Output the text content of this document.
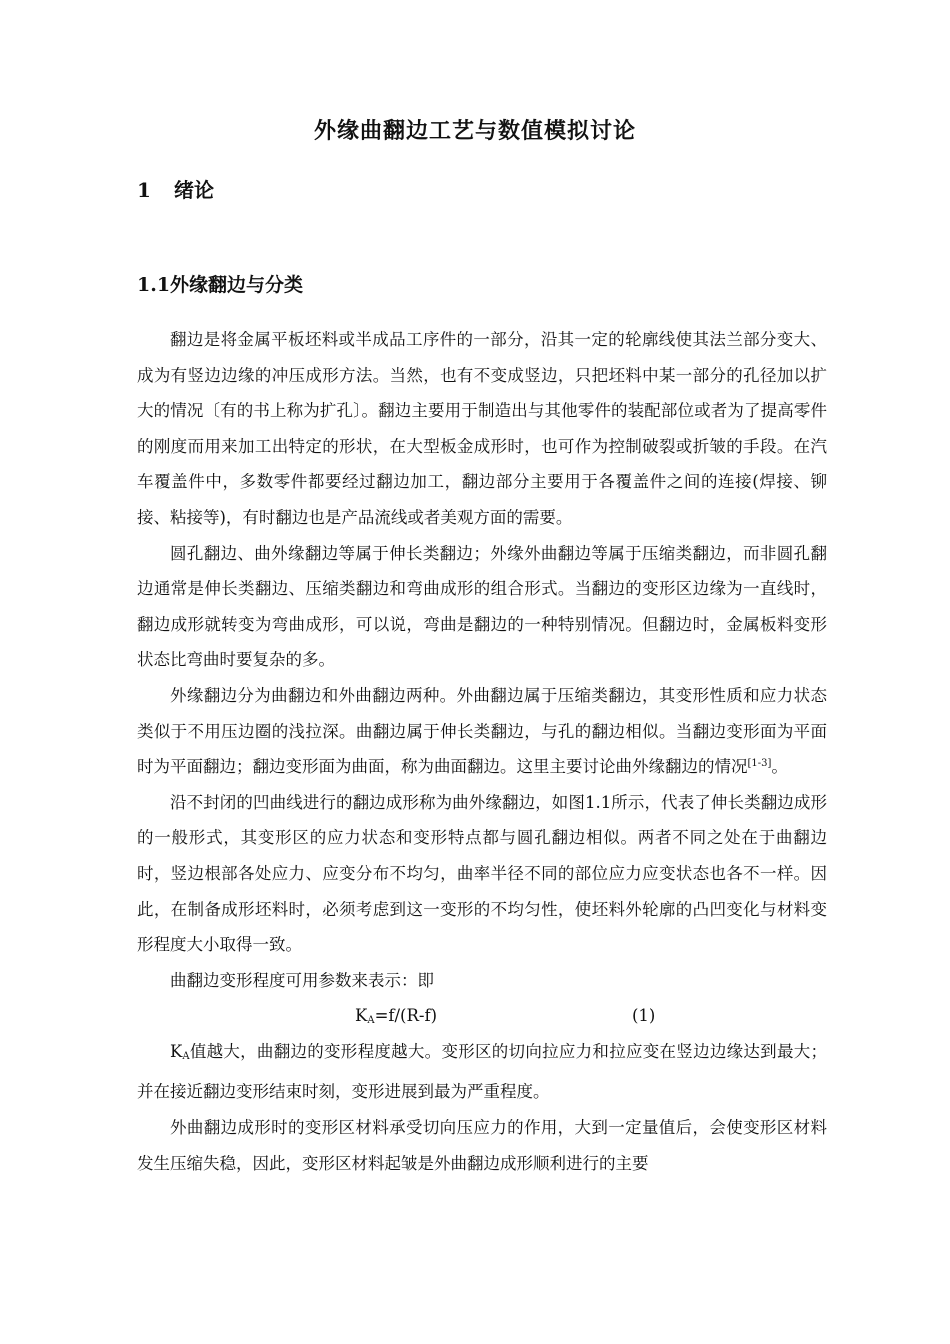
外缘曲翻边工艺与数值模拟讨论
1 绪论
1.1外缘翻边与分类

翻边是将金属平板坯料或半成品工序件的一部分，沿其一定的轮廓线使其法兰部分变大、成为有竖边边缘的冲压成形方法。当然，也有不变成竖边，只把坯料中某一部分的孔径加以扩大的情况〔有的书上称为扩孔〕。翻边主要用于制造出与其他零件的装配部位或者为了提高零件的刚度而用来加工出特定的形状，在大型板金成形时，也可作为控制破裂或折皱的手段。在汽车覆盖件中，多数零件都要经过翻边加工，翻边部分主要用于各覆盖件之间的连接(焊接、铆接、粘接等)，有时翻边也是产品流线或者美观方面的需要。

圆孔翻边、曲外缘翻边等属于伸长类翻边；外缘外曲翻边等属于压缩类翻边，而非圆孔翻边通常是伸长类翻边、压缩类翻边和弯曲成形的组合形式。当翻边的变形区边缘为一直线时，翻边成形就转变为弯曲成形，可以说，弯曲是翻边的一种特别情况。但翻边时，金属板料变形状态比弯曲时要复杂的多。

外缘翻边分为曲翻边和外曲翻边两种。外曲翻边属于压缩类翻边，其变形性质和应力状态类似于不用压边圈的浅拉深。曲翻边属于伸长类翻边，与孔的翻边相似。当翻边变形面为平面时为平面翻边；翻边变形面为曲面，称为曲面翻边。这里主要讨论曲外缘翻边的情况[1-3]。

沿不封闭的凹曲线进行的翻边成形称为曲外缘翻边，如图1.1所示，代表了伸长类翻边成形的一般形式，其变形区的应力状态和变形特点都与圆孔翻边相似。两者不同之处在于曲翻边时，竖边根部各处应力、应变分布不均匀，曲率半径不同的部位应力应变状态也各不一样。因此，在制备成形坯料时，必须考虑到这一变形的不均匀性，使坯料外轮廓的凸凹变化与材料变形程度大小取得一致。

曲翻边变形程度可用参数来表示：即

$K_A=f/(R-f)$	(1)

$K_A$值越大，曲翻边的变形程度越大。变形区的切向拉应力和拉应变在竖边边缘达到最大；并在接近翻边变形结束时刻，变形进展到最为严重程度。

外曲翻边成形时的变形区材料承受切向压应力的作用，大到一定量值后，会使变形区材料发生压缩失稳，因此，变形区材料起皱是外曲翻边成形顺利进行的主要
